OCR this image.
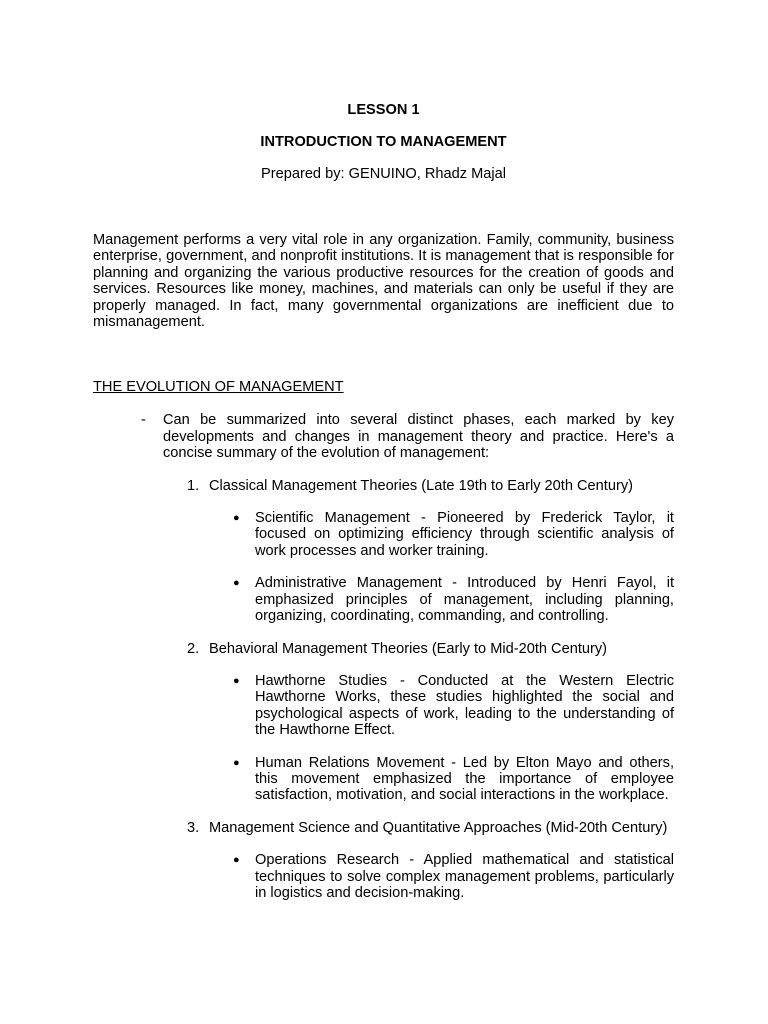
LESSON 1

INTRODUCTION TO MANAGEMENT

Prepared by: GENUINO, Rhadz Majal

Management performs a very vital role in any organization. Family, community, business enterprise, government, and nonprofit institutions. It is management that is responsible for planning and organizing the various productive resources for the creation of goods and services. Resources like money, machines, and materials can only be useful if they are properly managed. In fact, many governmental organizations are inefficient due to mismanagement.

THE EVOLUTION OF MANAGEMENT

-	Can be summarized into several distinct phases, each marked by key developments and changes in management theory and practice. Here's a concise summary of the evolution of management:
1. Classical Management Theories (Late 19th to Early 20th Century)
●	Scientific Management - Pioneered by Frederick Taylor, it focused on optimizing efficiency through scientific analysis of work processes and worker training.
●	Administrative Management - Introduced by Henri Fayol, it emphasized principles of management, including planning, organizing, coordinating, commanding, and controlling.
2. Behavioral Management Theories (Early to Mid-20th Century)
●	Hawthorne Studies - Conducted at the Western Electric Hawthorne Works, these studies highlighted the social and psychological aspects of work, leading to the understanding of the Hawthorne Effect.
●	Human Relations Movement - Led by Elton Mayo and others, this movement emphasized the importance of employee satisfaction, motivation, and social interactions in the workplace.
3. Management Science and Quantitative Approaches (Mid-20th Century)
●	Operations Research - Applied mathematical and statistical techniques to solve complex management problems, particularly in logistics and decision-making.
